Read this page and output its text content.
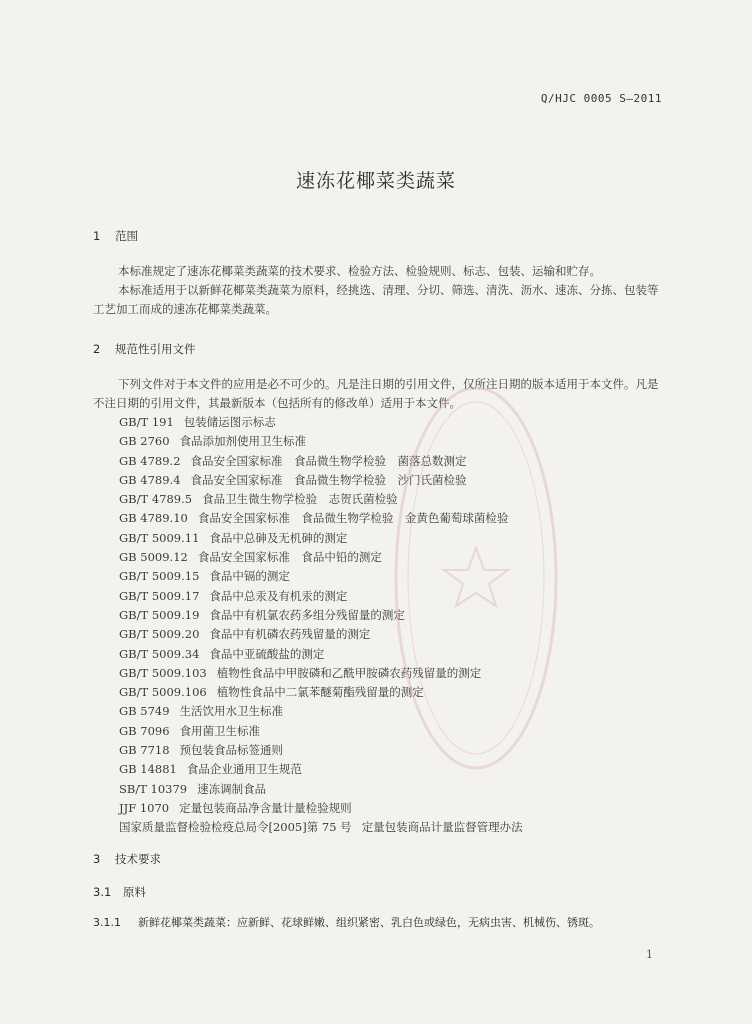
Q/HJC 0005 S—2011
速冻花椰菜类蔬菜
1 范围

本标准规定了速冻花椰菜类蔬菜的技术要求、检验方法、检验规则、标志、包装、运输和贮存。

本标准适用于以新鲜花椰菜类蔬菜为原料，经挑选、清理、分切、筛选、清洗、沥水、速冻、分拣、包装等工艺加工而成的速冻花椰菜类蔬菜。

2 规范性引用文件

下列文件对于本文件的应用是必不可少的。凡是注日期的引用文件，仅所注日期的版本适用于本文件。凡是不注日期的引用文件，其最新版本（包括所有的修改单）适用于本文件。

GB/T 191 包装储运图示标志
GB 2760 食品添加剂使用卫生标准
GB 4789.2 食品安全国家标准　食品微生物学检验　菌落总数测定
GB 4789.4 食品安全国家标准　食品微生物学检验　沙门氏菌检验
GB/T 4789.5 食品卫生微生物学检验　志贺氏菌检验
GB 4789.10 食品安全国家标准　食品微生物学检验　金黄色葡萄球菌检验
GB/T 5009.11 食品中总砷及无机砷的测定
GB 5009.12 食品安全国家标准　食品中铅的测定
GB/T 5009.15 食品中镉的测定
GB/T 5009.17 食品中总汞及有机汞的测定
GB/T 5009.19 食品中有机氯农药多组分残留量的测定
GB/T 5009.20 食品中有机磷农药残留量的测定
GB/T 5009.34 食品中亚硫酸盐的测定
GB/T 5009.103 植物性食品中甲胺磷和乙酰甲胺磷农药残留量的测定
GB/T 5009.106 植物性食品中二氯苯醚菊酯残留量的测定
GB 5749 生活饮用水卫生标准
GB 7096 食用菌卫生标准
GB 7718 预包装食品标签通则
GB 14881 食品企业通用卫生规范
SB/T 10379 速冻调制食品
JJF 1070 定量包装商品净含量计量检验规则
国家质量监督检验检疫总局令[2005]第 75 号 定量包装商品计量监督管理办法
3 技术要求
3.1 原料
3.1.1 新鲜花椰菜类蔬菜：应新鲜、花球鲜嫩、组织紧密、乳白色或绿色，无病虫害、机械伤、锈斑。
1
